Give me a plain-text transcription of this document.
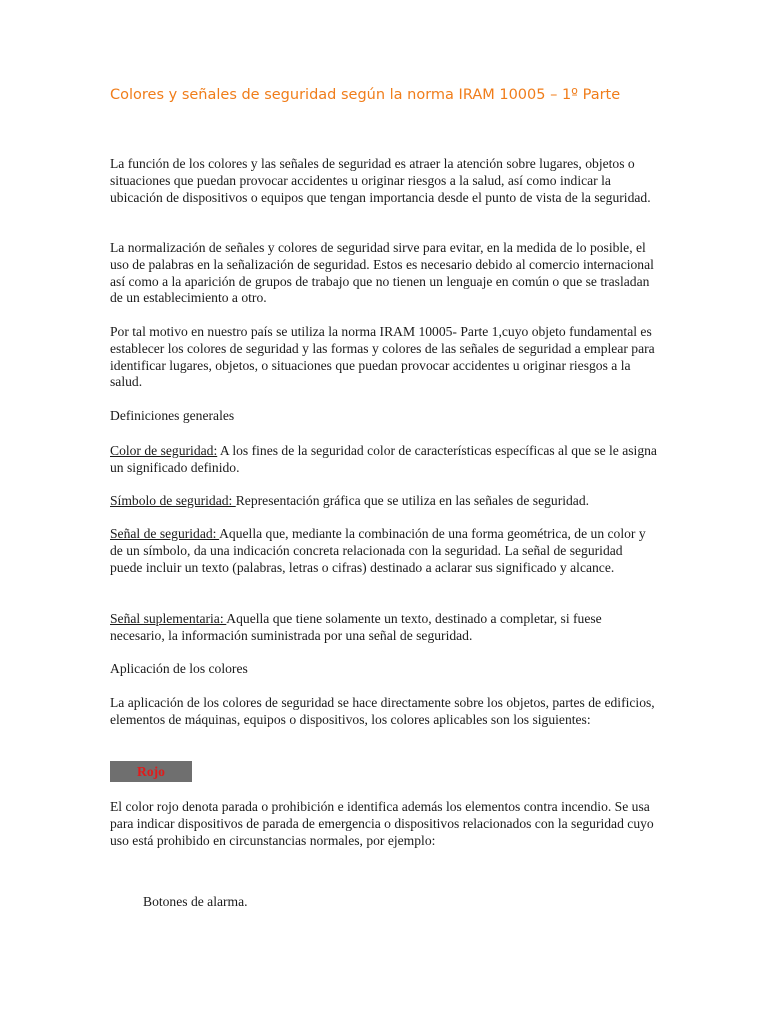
Colores y señales de seguridad según la norma IRAM 10005 – 1º Parte

La función de los colores y las señales de seguridad es atraer la atención sobre lugares, objetos o situaciones que puedan provocar accidentes u originar riesgos a la salud, así como indicar la ubicación de dispositivos o equipos que tengan importancia desde el punto de vista de la seguridad.

La normalización de señales y colores de seguridad sirve para evitar, en la medida de lo posible, el uso de palabras en la señalización de seguridad. Estos es necesario debido al comercio internacional así como a la aparición de grupos de trabajo que no tienen un lenguaje en común o que se trasladan de un establecimiento a otro.

Por tal motivo en nuestro país se utiliza la norma IRAM 10005- Parte 1,cuyo objeto fundamental es establecer los colores de seguridad y las formas y colores de las señales de seguridad a emplear para identificar lugares, objetos, o situaciones que puedan provocar accidentes u originar riesgos a la salud.

Definiciones generales

Color de seguridad: A los fines de la seguridad color de características específicas al que se le asigna un significado definido.

Símbolo de seguridad: Representación gráfica que se utiliza en las señales de seguridad.

Señal de seguridad: Aquella que, mediante la combinación de una forma geométrica, de un color y de un símbolo, da una indicación concreta relacionada con la seguridad. La señal de seguridad puede incluir un texto (palabras, letras o cifras) destinado a aclarar sus significado y alcance.

Señal suplementaria: Aquella que tiene solamente un texto, destinado a completar, si fuese necesario, la información suministrada por una señal de seguridad.

Aplicación de los colores

La aplicación de los colores de seguridad se hace directamente sobre los objetos, partes de edificios, elementos de máquinas, equipos o dispositivos, los colores aplicables son los siguientes:

Rojo

El color rojo denota parada o prohibición e identifica además los elementos contra incendio. Se usa para indicar dispositivos de parada de emergencia o dispositivos relacionados con la seguridad cuyo uso está prohibido en circunstancias normales, por ejemplo:

Botones de alarma.
